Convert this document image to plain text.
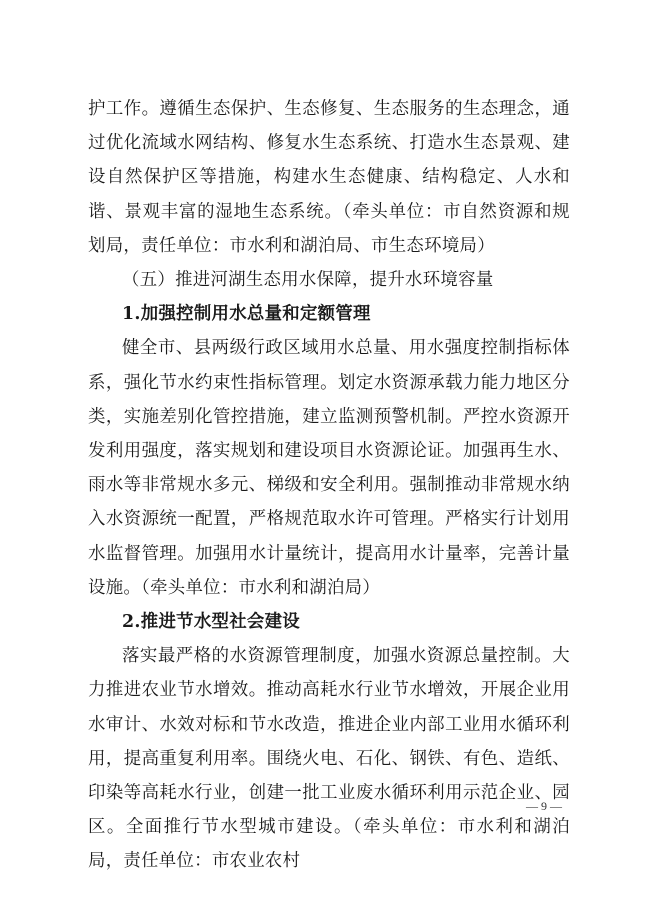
护工作。遵循生态保护、生态修复、生态服务的生态理念，通过优化流域水网结构、修复水生态系统、打造水生态景观、建设自然保护区等措施，构建水生态健康、结构稳定、人水和谐、景观丰富的湿地生态系统。（牵头单位：市自然资源和规划局，责任单位：市水利和湖泊局、市生态环境局）

（五）推进河湖生态用水保障，提升水环境容量

1.加强控制用水总量和定额管理

健全市、县两级行政区域用水总量、用水强度控制指标体系，强化节水约束性指标管理。划定水资源承载力能力地区分类，实施差别化管控措施，建立监测预警机制。严控水资源开发利用强度，落实规划和建设项目水资源论证。加强再生水、雨水等非常规水多元、梯级和安全利用。强制推动非常规水纳入水资源统一配置，严格规范取水许可管理。严格实行计划用水监督管理。加强用水计量统计，提高用水计量率，完善计量设施。（牵头单位：市水利和湖泊局）

2.推进节水型社会建设

落实最严格的水资源管理制度，加强水资源总量控制。大力推进农业节水增效。推动高耗水行业节水增效，开展企业用水审计、水效对标和节水改造，推进企业内部工业用水循环利用，提高重复利用率。围绕火电、石化、钢铁、有色、造纸、印染等高耗水行业，创建一批工业废水循环利用示范企业、园区。全面推行节水型城市建设。（牵头单位：市水利和湖泊局，责任单位：市农业农村

— 9 —
